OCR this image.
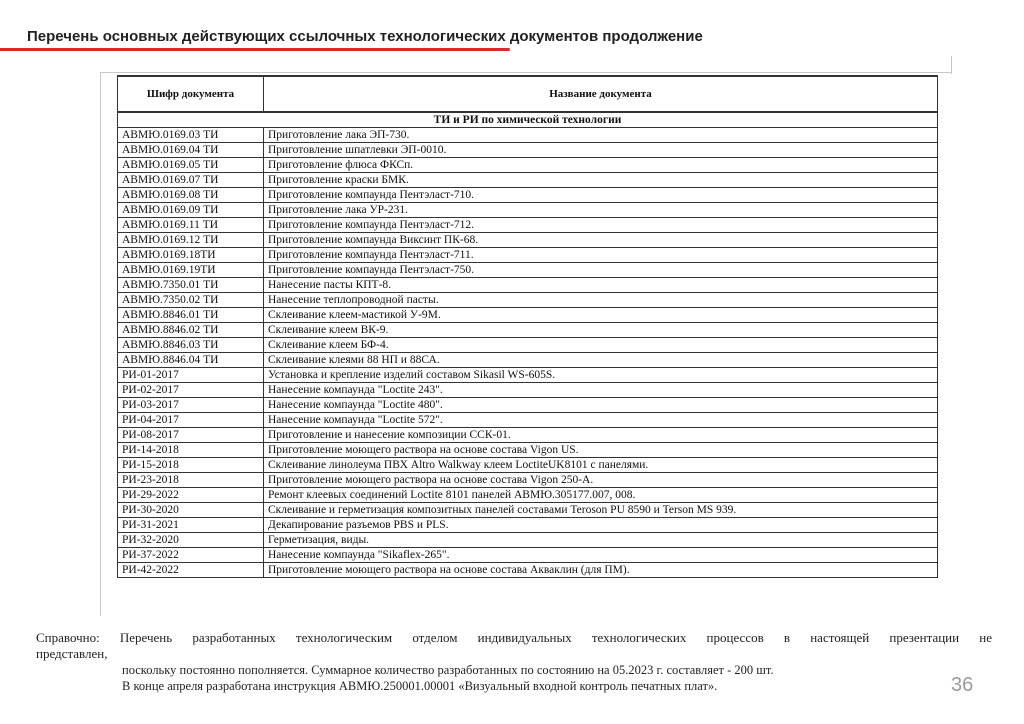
Перечень основных действующих ссылочных технологических документов продолжение
Шифр документа	Название документа
ТИ и РИ по химической технологии	
АВМЮ.0169.03 ТИ	Приготовление лака ЭП-730.
АВМЮ.0169.04 ТИ	Приготовление шпатлевки ЭП-0010.
АВМЮ.0169.05 ТИ	Приготовление флюса ФКСп.
АВМЮ.0169.07 ТИ	Приготовление краски БМК.
АВМЮ.0169.08 ТИ	Приготовление компаунда Пентэласт-710.
АВМЮ.0169.09 ТИ	Приготовление лака УР-231.
АВМЮ.0169.11 ТИ	Приготовление компаунда Пентэласт-712.
АВМЮ.0169.12 ТИ	Приготовление компаунда Виксинт ПК-68.
АВМЮ.0169.18ТИ	Приготовление компаунда Пентэласт-711.
АВМЮ.0169.19ТИ	Приготовление компаунда Пентэласт-750.
АВМЮ.7350.01 ТИ	Нанесение пасты КПТ-8.
АВМЮ.7350.02 ТИ	Нанесение теплопроводной пасты.
АВМЮ.8846.01 ТИ	Склеивание клеем-мастикой У-9М.
АВМЮ.8846.02 ТИ	Склеивание клеем ВК-9.
АВМЮ.8846.03 ТИ	Склеивание клеем БФ-4.
АВМЮ.8846.04 ТИ	Склеивание клеями 88 НП и 88СА.
РИ-01-2017	Установка и крепление изделий составом Sikasil WS-605S.
РИ-02-2017	Нанесение компаунда "Loctite 243".
РИ-03-2017	Нанесение компаунда "Loctite 480".
РИ-04-2017	Нанесение компаунда "Loctite 572".
РИ-08-2017	Приготовление и нанесение композиции ССК-01.
РИ-14-2018	Приготовление моющего раствора на основе состава Vigon US.
РИ-15-2018	Склеивание линолеума ПВХ Altro Walkway клеем LoctiteUK8101 с панелями.
РИ-23-2018	Приготовление моющего раствора на основе состава Vigon 250-A.
РИ-29-2022	Ремонт клеевых соединений Loctite 8101 панелей АВМЮ.305177.007, 008.
РИ-30-2020	Склеивание и герметизация композитных панелей составами Teroson PU 8590 и Terson MS 939.
РИ-31-2021	Декапирование разъемов PBS и PLS.
РИ-32-2020	Герметизация, виды.
РИ-37-2022	Нанесение компаунда "Sikaflex-265".
РИ-42-2022	Приготовление моющего раствора на основе состава Акваклин (для ПМ).
Справочно: Перечень разработанных технологическим отделом индивидуальных технологических процессов в настоящей презентации не
представлен,
поскольку постоянно пополняется. Суммарное количество разработанных по состоянию на 05.2023 г. составляет - 200 шт.
В конце апреля разработана инструкция АВМЮ.250001.00001 «Визуальный входной контроль печатных плат».	36
